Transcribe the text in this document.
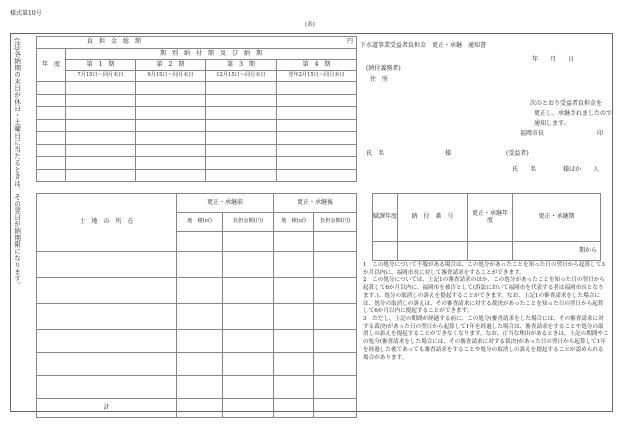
様式第10号
(表)
(注)各納期の末日が休日・土曜日に当たるときは、その翌日が納期限になります。	負　担　金　総　額 円				

年　度	期　別　納　付　額　及　び　納　期			
	第　1　期	第　2　期	第　3　期	第　4　期
	7月15日～同月末日	9月15日～同月末日	12月15日～同月末日	翌年2月15日～同月末日

下水道事業受益者負担金　更正・承継　通知書
年　　月　　日
(納付義務者)
住　所
次のとおり受益者負担金を
更正し、承継されましたので
通知します。
福岡市長	印
氏　名	様	(受益者)
氏　　名	様ほか　　人
土　地　の　所　在	更正・承継前		更正・承継後	
	地　積(㎡)	負担金額(円)	地　積(㎡)	負担金額(円)

計				
賦課年度	納　付　番　号	更正・承継年　度	更正・承継期
			期から
1　この処分について不服がある場合は、この処分があったことを知った日の翌日から起算して3か月以内に、福岡市長に対して審査請求をすることができます。
2　この処分については、上記1の審査請求のほか、この処分があったことを知った日の翌日から起算して6か月以内に、福岡市を被告として(訴訟において福岡市を代表する者は福岡市長となります。)、処分の取消しの訴えを提起することができます。なお、上記1の審査請求をした場合には、処分の取消しの訴えは、その審査請求に対する裁決があったことを知った日の翌日から起算して6か月以内に提起することができます。
3　ただし、上記の期間が経過する前に、この処分(審査請求をした場合には、その審査請求に対する裁決)があった日の翌日から起算して1年を経過した場合は、審査請求をすることや処分の取消しの訴えを提起することができなくなります。なお、正当な理由があるときは、上記の期間やこの処分(審査請求をした場合には、その審査請求に対する裁決)があった日の翌日から起算して1年を経過した後であっても審査請求をすることや処分の取消しの訴えを提起することが認められる場合があります。
